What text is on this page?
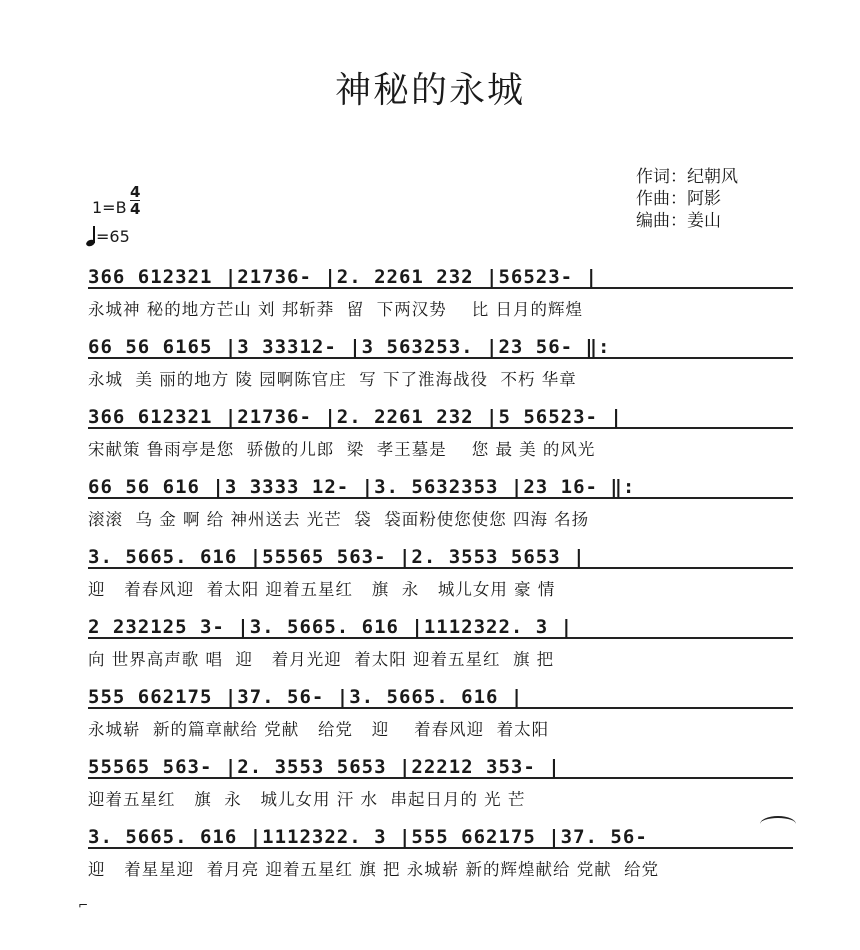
神秘的永城
作词：纪朝风
作曲：阿影
编曲：姜山
1=B
4
4
=65
366 612321 |21736- |2. 2261 232 |56523- |
永城神 秘的地方芒山 刘 邦斩莽  留  下两汉势    比 日月的辉煌
66 56 6165 |3 33312- |3 563253. |23 56- ‖:
永城  美 丽的地方 陵 园啊陈官庄  写 下了淮海战役  不朽 华章
366 612321 |21736- |2. 2261 232 |5 56523- |
宋献策 鲁雨亭是您  骄傲的儿郎  梁  孝王墓是    您 最 美 的风光
66 56 616 |3 3333 12- |3. 5632353 |23 16- ‖:
滚滚  乌 金 啊 给 神州送去 光芒  袋  袋面粉使您使您 四海 名扬
3. 5665. 616 |55565 563- |2. 3553 5653 |
迎   着春风迎  着太阳 迎着五星红   旗  永   城儿女用 豪 情
2 232125 3- |3. 5665. 616 |1112322. 3 |
向 世界高声歌 唱  迎   着月光迎  着太阳 迎着五星红  旗 把
555 662175 |37. 56- |3. 5665. 616 |
永城崭  新的篇章献给 党献   给党   迎    着春风迎  着太阳
55565 563- |2. 3553 5653 |22212 353- |
迎着五星红   旗  永   城儿女用 汗 水  串起日月的 光 芒
3. 5665. 616 |1112322. 3 |555 662175 |37. 56-
迎   着星星迎  着月亮 迎着五星红 旗 把 永城崭 新的辉煌献给 党献  给党
⌐
